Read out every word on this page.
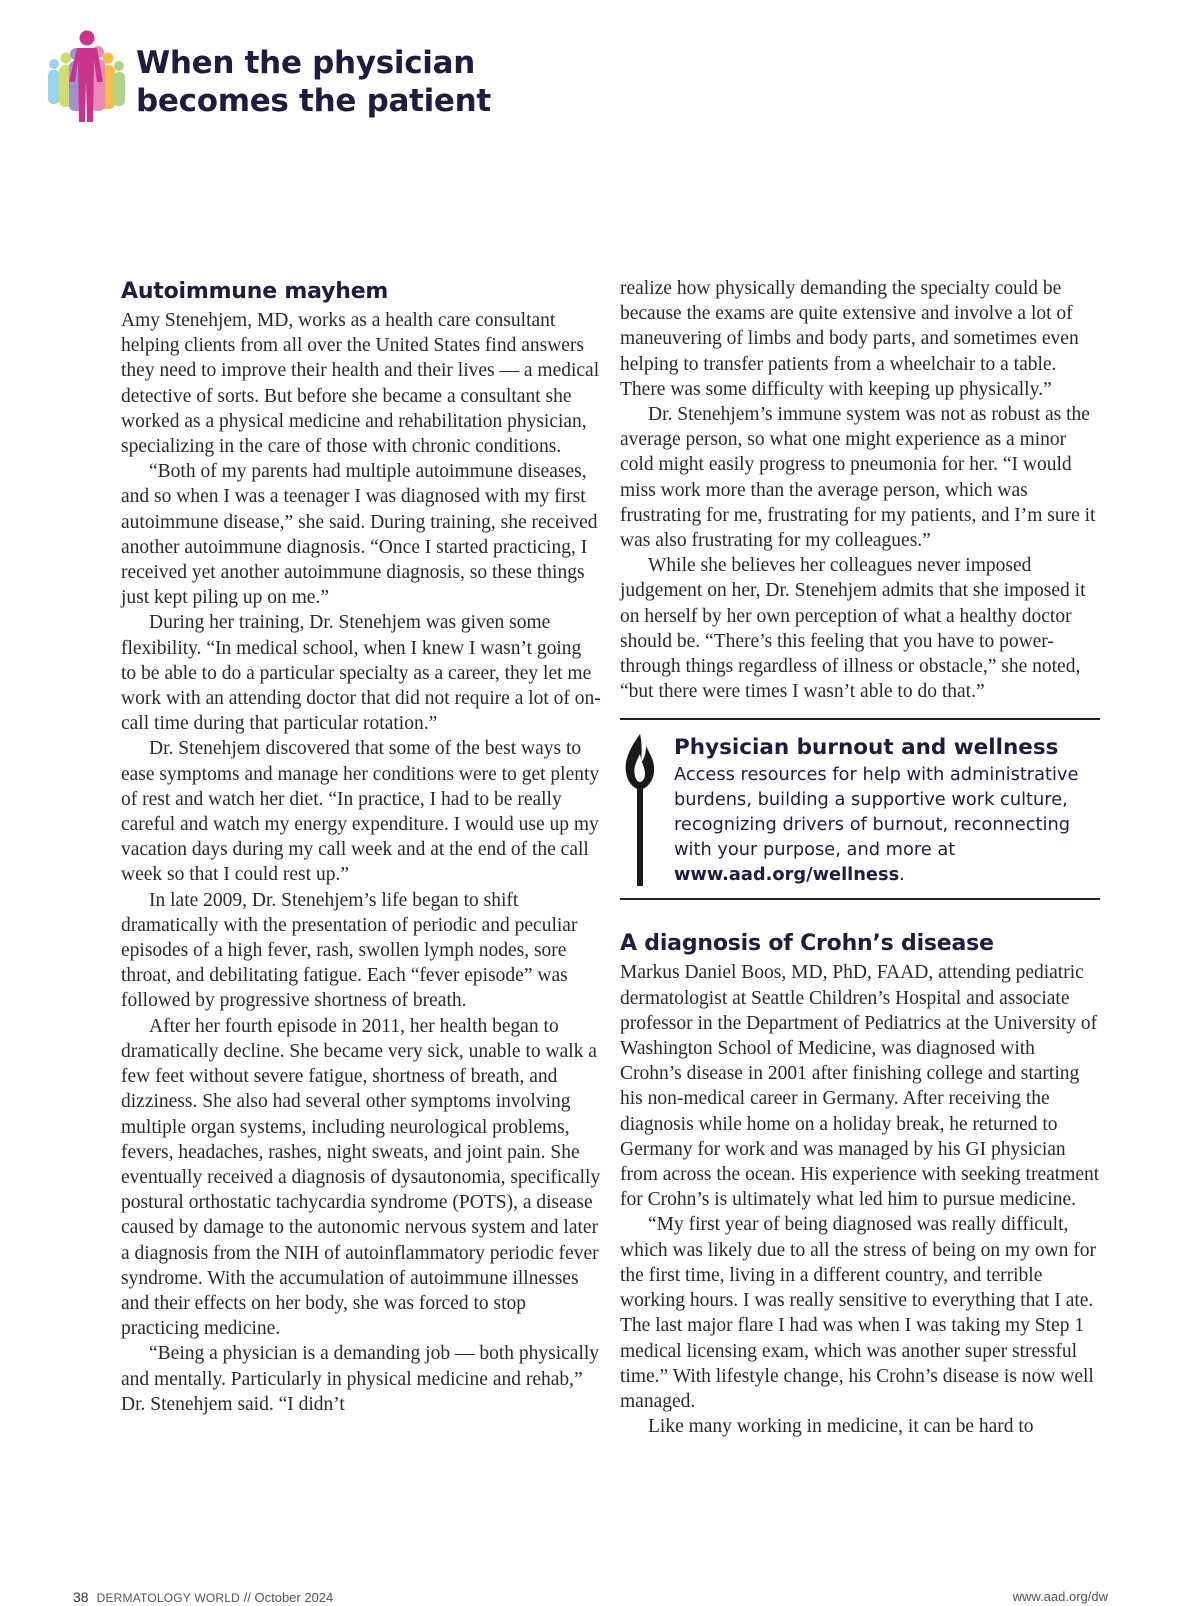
When the physician
becomes the patient
Autoimmune mayhem

Amy Stenehjem, MD, works as a health care consultant helping clients from all over the United States find answers they need to improve their health and their lives — a medical detective of sorts. But before she became a consultant she worked as a physical medicine and rehabilitation physician, specializing in the care of those with chronic conditions.

“Both of my parents had multiple autoimmune diseases, and so when I was a teenager I was diagnosed with my first autoimmune disease,” she said. During training, she received another autoimmune diagnosis. “Once I started practicing, I received yet another autoimmune diagnosis, so these things just kept piling up on me.”

During her training, Dr. Stenehjem was given some flexibility. “In medical school, when I knew I wasn’t going to be able to do a particular specialty as a career, they let me work with an attending doctor that did not require a lot of on-call time during that particular rotation.”

Dr. Stenehjem discovered that some of the best ways to ease symptoms and manage her conditions were to get plenty of rest and watch her diet. “In practice, I had to be really careful and watch my energy expenditure. I would use up my vacation days during my call week and at the end of the call week so that I could rest up.”

In late 2009, Dr. Stenehjem’s life began to shift dramatically with the presentation of periodic and peculiar episodes of a high fever, rash, swollen lymph nodes, sore throat, and debilitating fatigue. Each “fever episode” was followed by progressive shortness of breath.

After her fourth episode in 2011, her health began to dramatically decline. She became very sick, unable to walk a few feet without severe fatigue, shortness of breath, and dizziness. She also had several other symptoms involving multiple organ systems, including neurological problems, fevers, headaches, rashes, night sweats, and joint pain. She eventually received a diagnosis of dysautonomia, specifically postural orthostatic tachycardia syndrome (POTS), a disease caused by damage to the autonomic nervous system and later a diagnosis from the NIH of autoinflammatory periodic fever syndrome. With the accumulation of autoimmune illnesses and their effects on her body, she was forced to stop practicing medicine.

“Being a physician is a demanding job — both physically and mentally. Particularly in physical medicine and rehab,” Dr. Stenehjem said. “I didn’t

realize how physically demanding the specialty could be because the exams are quite extensive and involve a lot of maneuvering of limbs and body parts, and sometimes even helping to transfer patients from a wheelchair to a table. There was some difficulty with keeping up physically.”

Dr. Stenehjem’s immune system was not as robust as the average person, so what one might experience as a minor cold might easily progress to pneumonia for her. “I would miss work more than the average person, which was frustrating for me, frustrating for my patients, and I’m sure it was also frustrating for my colleagues.”

While she believes her colleagues never imposed judgement on her, Dr. Stenehjem admits that she imposed it on herself by her own perception of what a healthy doctor should be. “There’s this feeling that you have to power-through things regardless of illness or obstacle,” she noted, “but there were times I wasn’t able to do that.”

Physician burnout and wellness
Access resources for help with administrative burdens, building a supportive work culture, recognizing drivers of burnout, reconnecting with your purpose, and more at www.aad.org/wellness.
A diagnosis of Crohn’s disease

Markus Daniel Boos, MD, PhD, FAAD, attending pediatric dermatologist at Seattle Children’s Hospital and associate professor in the Department of Pediatrics at the University of Washington School of Medicine, was diagnosed with Crohn’s disease in 2001 after finishing college and starting his non-medical career in Germany. After receiving the diagnosis while home on a holiday break, he returned to Germany for work and was managed by his GI physician from across the ocean. His experience with seeking treatment for Crohn’s is ultimately what led him to pursue medicine.

“My first year of being diagnosed was really difficult, which was likely due to all the stress of being on my own for the first time, living in a different country, and terrible working hours. I was really sensitive to everything that I ate. The last major flare I had was when I was taking my Step 1 medical licensing exam, which was another super stressful time.” With lifestyle change, his Crohn’s disease is now well managed.

Like many working in medicine, it can be hard to

38 DERMATOLOGY WORLD // October 2024	www.aad.org/dw
